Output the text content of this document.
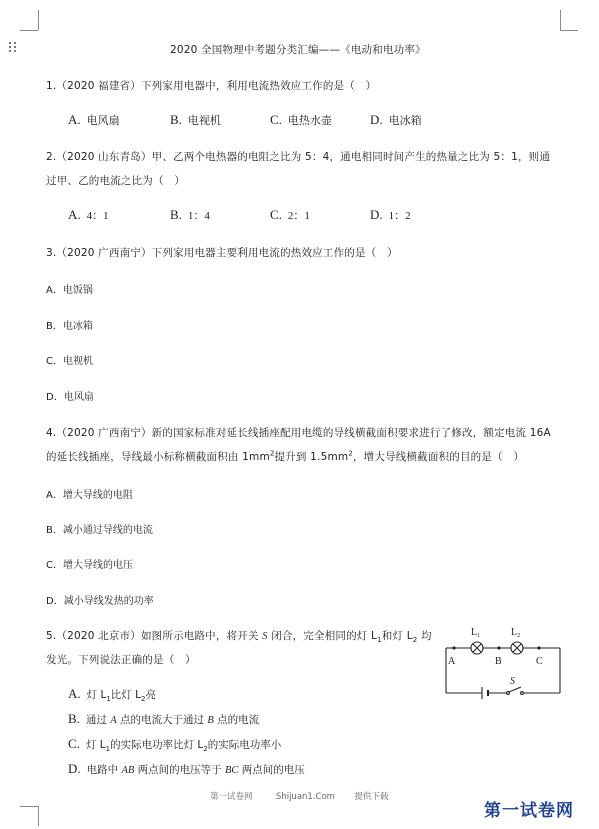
2020 全国物理中考题分类汇编——《电动和电功率》
1.（2020 福建省）下列家用电器中，利用电流热效应工作的是（　）
A. 电风扇	B. 电视机	C. 电热水壶	D. 电冰箱
2.（2020 山东青岛）甲、乙两个电热器的电阻之比为 5：4，通电相同时间产生的热量之比为 5：1，则通
过甲、乙的电流之比为（　）
A. 4：1	B. 1：4	C. 2：1	D. 1：2
3.（2020 广西南宁）下列家用电器主要利用电流的热效应工作的是（　）
A．电饭锅
B．电冰箱
C．电视机
D．电风扇
4.（2020 广西南宁）新的国家标准对延长线插座配用电缆的导线横截面积要求进行了修改，额定电流 16A
的延长线插座，导线最小标称横截面积由 $1mm^2$提升到 $1.5mm^2$，增大导线横截面积的目的是（　）
A．增大导线的电阻
B．减小通过导线的电流
C．增大导线的电压
D．减小导线发热的功率
5.（2020 北京市）如图所示电路中，将开关 S 闭合，完全相同的灯 $L_1$和灯 $L_2$ 均
发光。下列说法正确的是（　）
A. 灯 $L_1$比灯 $L_2$亮
B. 通过 A 点的电流大于通过 B 点的电流
C. 灯 $L_1$的实际电功率比灯 $L_2$的实际电功率小
D. 电路中 AB 两点间的电压等于 BC 两点间的电压
$L_1$	$L_2$
A	B	C
S
第一试卷网	Shijuan1.Com 提供下载
第一试卷网
